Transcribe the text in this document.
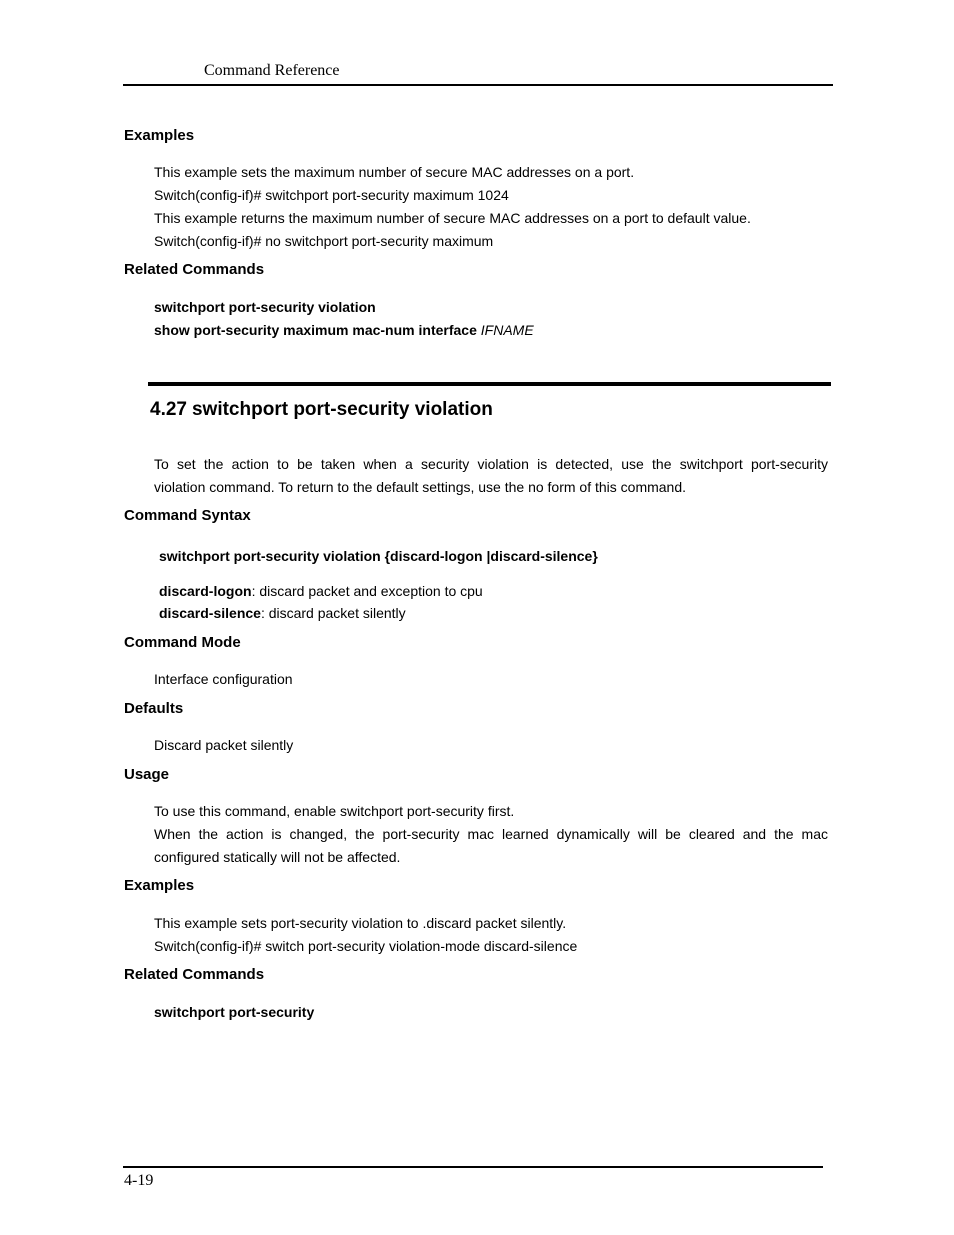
Command Reference
Examples
This example sets the maximum number of secure MAC addresses on a port.
Switch(config-if)# switchport port-security maximum 1024
This example returns the maximum number of secure MAC addresses on a port to default value.
Switch(config-if)# no switchport port-security maximum
Related Commands
switchport port-security violation
show port-security maximum mac-num interface IFNAME
4.27 switchport port-security violation
To set the action to be taken when a security violation is detected, use the switchport port-security
violation command. To return to the default settings, use the no form of this command.
Command Syntax
switchport port-security violation {discard-logon |discard-silence}
discard-logon: discard packet and exception to cpu
discard-silence: discard packet silently
Command Mode
Interface configuration
Defaults
Discard packet silently
Usage
To use this command, enable switchport port-security first.
When the action is changed, the port-security mac learned dynamically will be cleared and the mac
configured statically will not be affected.
Examples
This example sets port-security violation to .discard packet silently.
Switch(config-if)# switch port-security violation-mode discard-silence
Related Commands
switchport port-security
4-19
